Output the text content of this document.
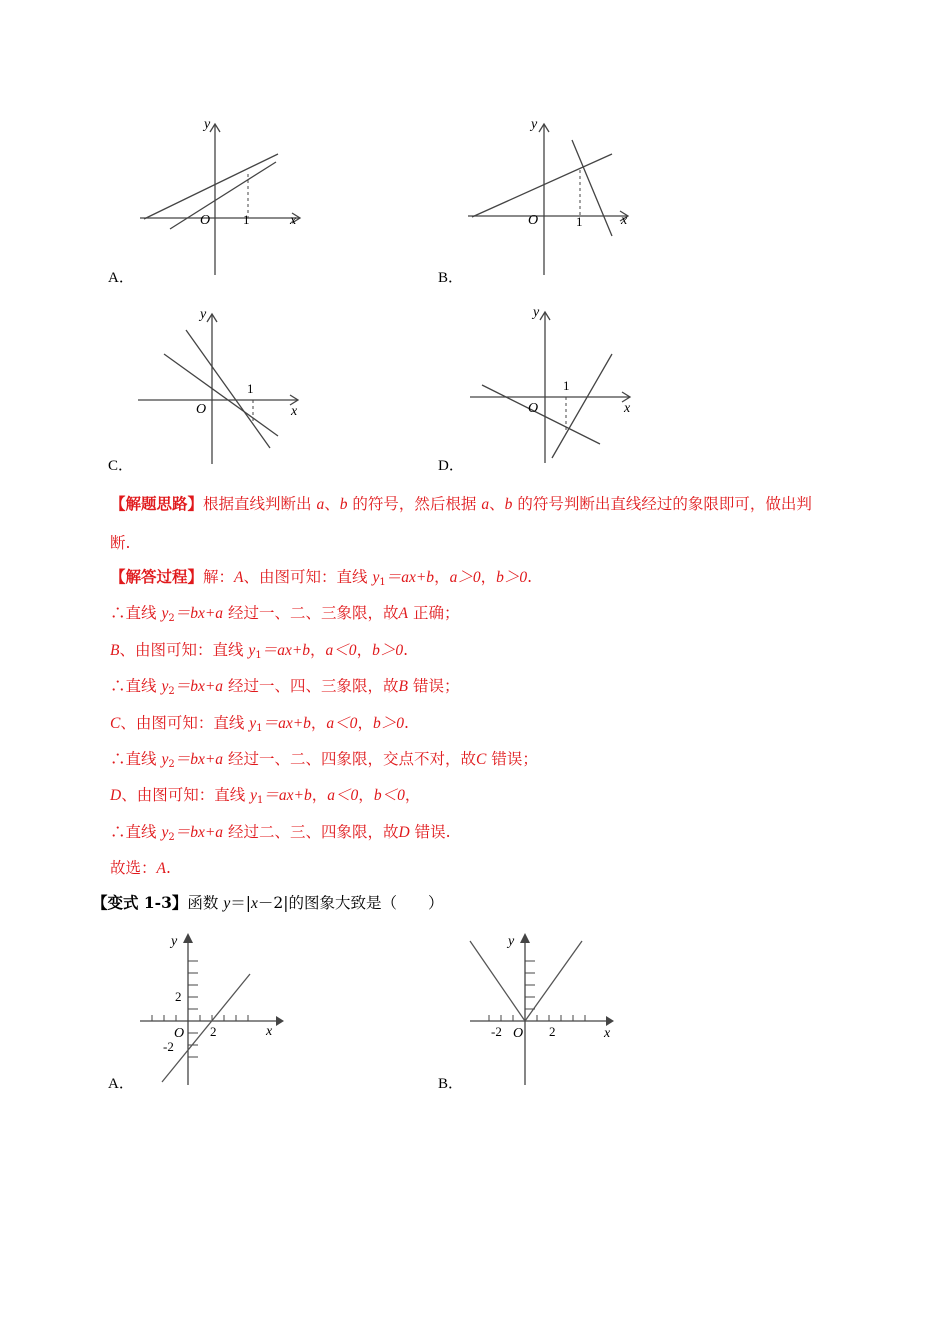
x
y
O	1
A．
x
y
O	1
B．
x
y
O
1
C．
x
y
O
1
D．
【解题思路】根据直线判断出 a、b 的符号，然后根据 a、b 的符号判断出直线经过的象限即可，做出判
断.
【解答过程】解：A、由图可知：直线 $y_1=ax+b$，a＞0，b＞0.
∴直线 $y_2=bx+a$ 经过一、二、三象限，故A 正确；
B、由图可知：直线 $y_1=ax+b$，a＜0，b＞0.
∴直线 $y_2=bx+a$ 经过一、四、三象限，故B 错误；
C、由图可知：直线 $y_1=ax+b$，a＜0，b＞0.
∴直线 $y_2=bx+a$ 经过一、二、四象限，交点不对，故C 错误；
D、由图可知：直线 $y_1=ax+b$，a＜0，b＜0，
∴直线 $y_2=bx+a$ 经过二、三、四象限，故D 错误.
故选：A.
【变式 1-3】函数 y＝|x－2|的图象大致是（　　）
x
y
O 2
2
-2
A．
x
y
O 2
-2
B．
